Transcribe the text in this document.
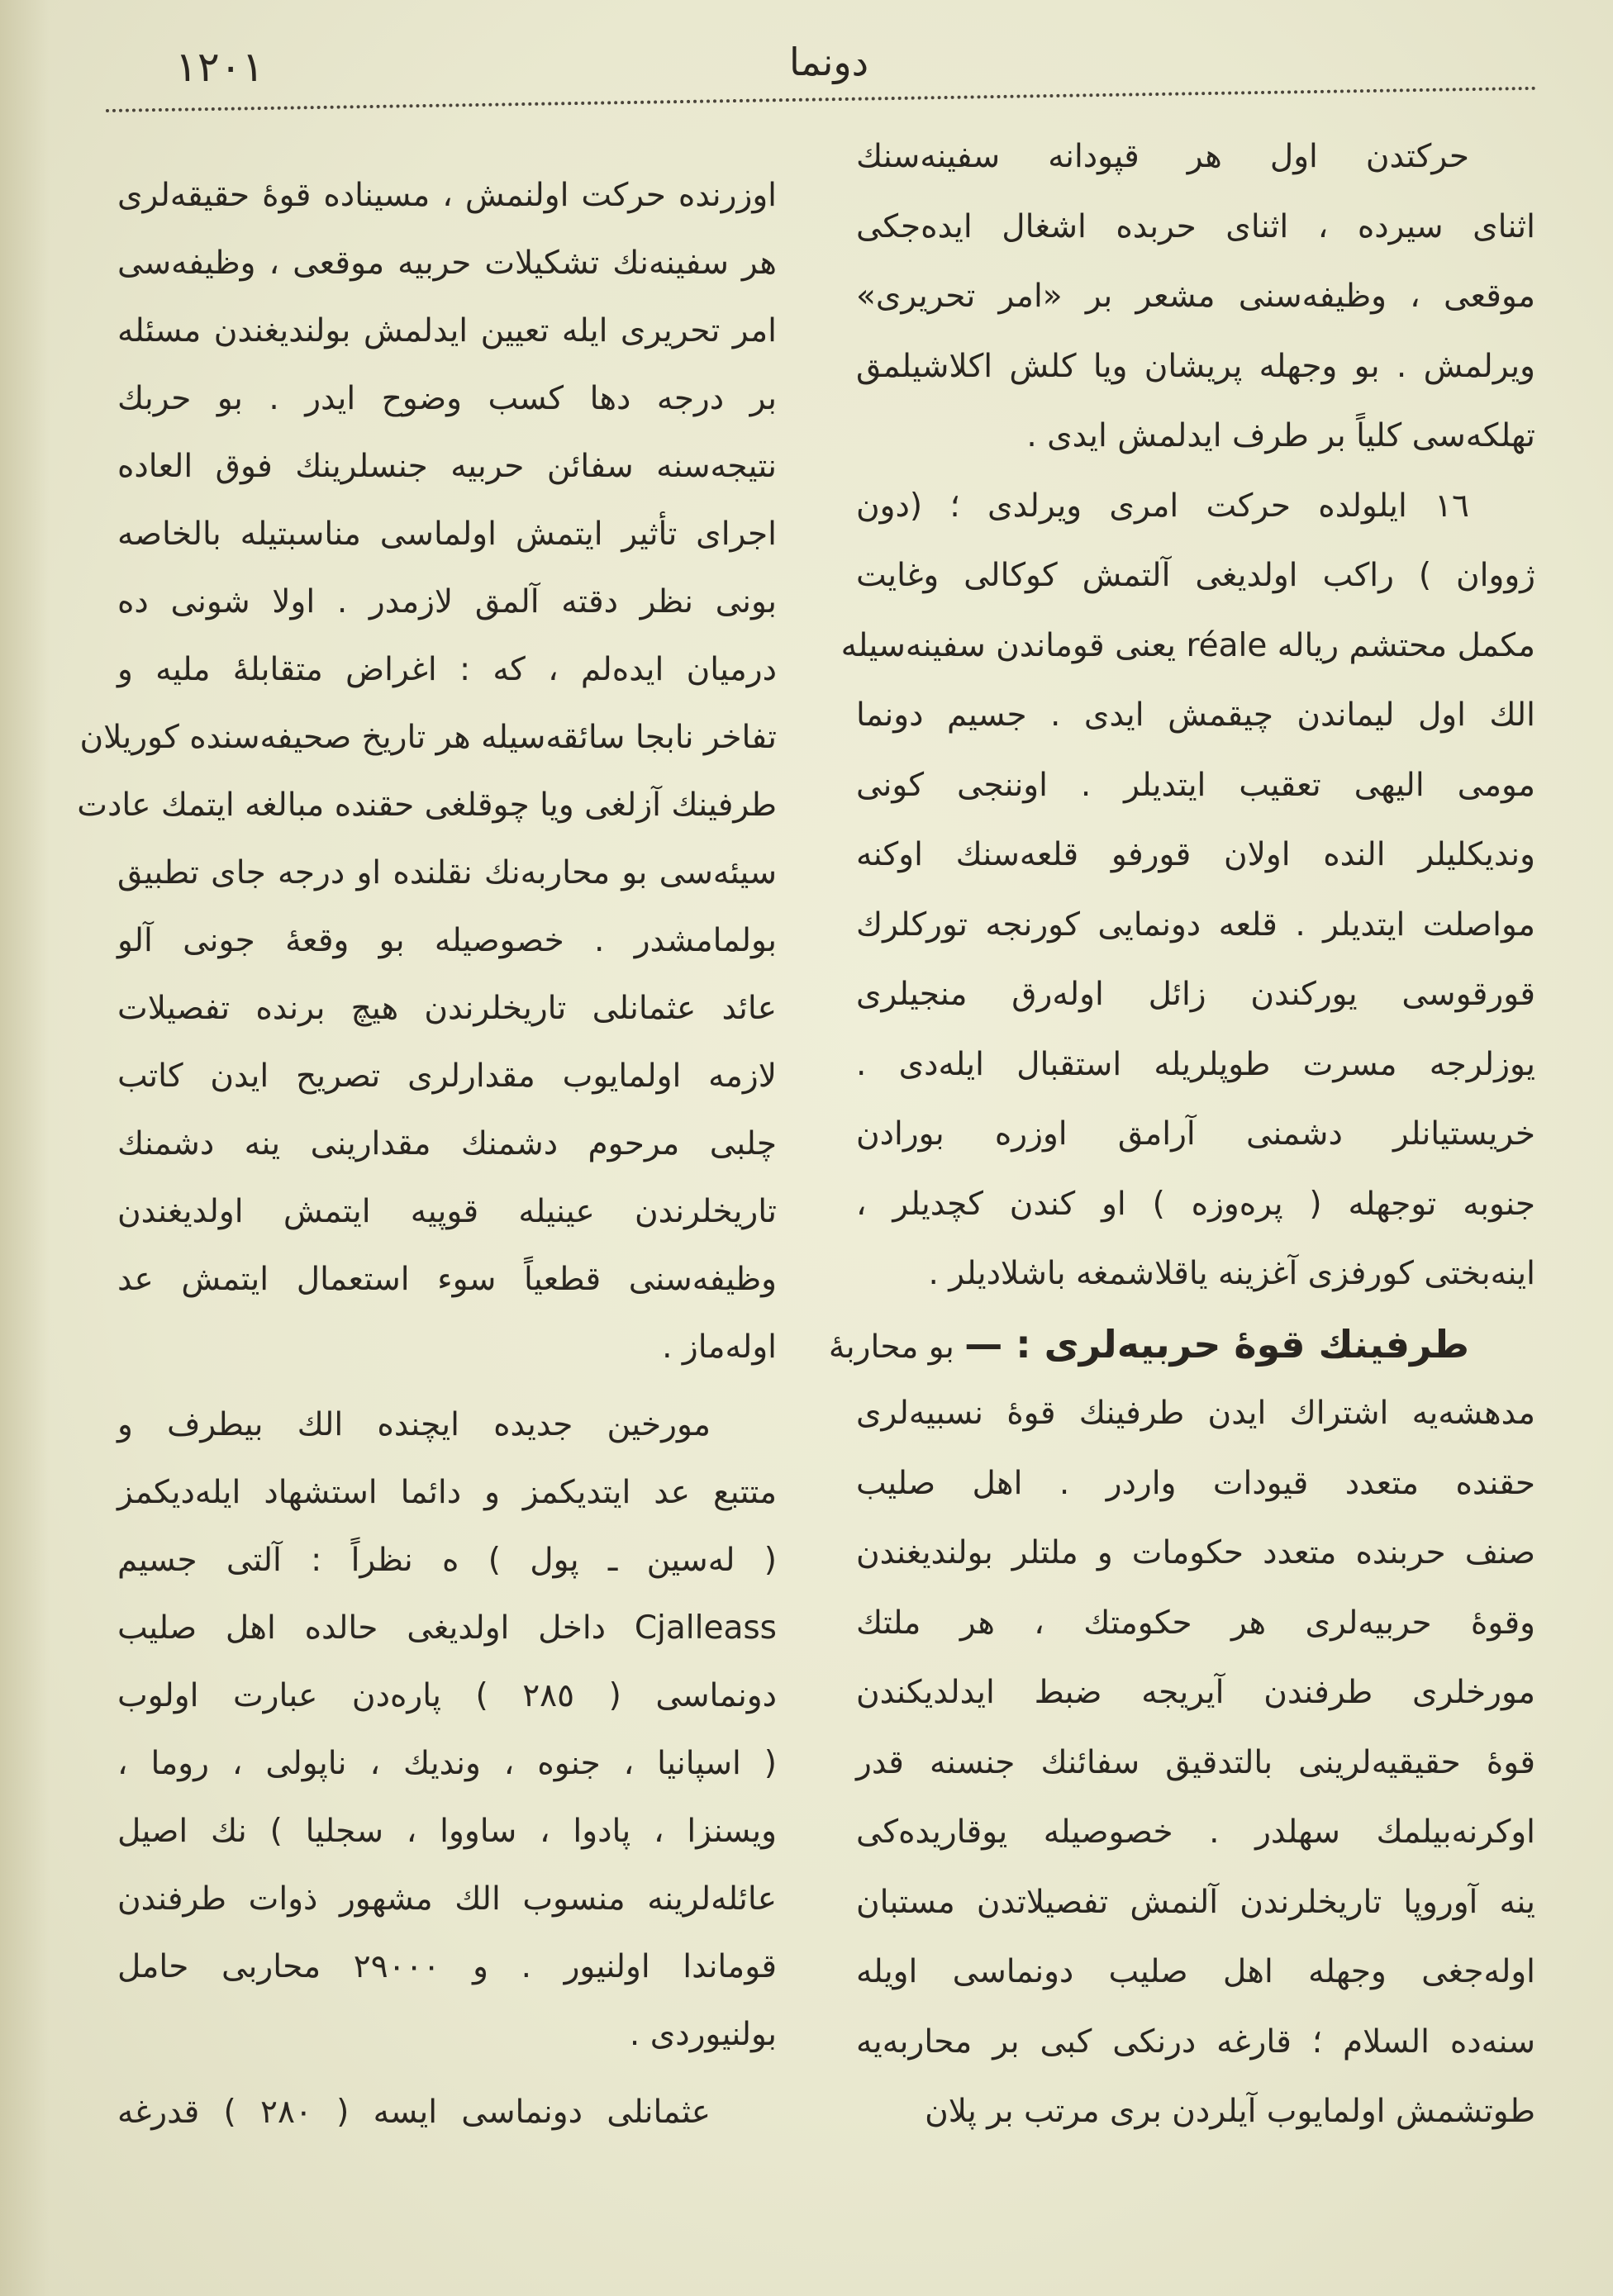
١٢٠١	دونما
حركتدن اول هر قپودانه سفینه‌سنك
اثنای سیرده ، اثنای حربده اشغال ایده‌جكی
موقعی ، وظیفه‌سنی مشعر بر «امر تحریری»
ویرلمش . بو وجهله پریشان ویا كلش اكلاشیلمق
تهلكه‌سی كلیاً بر طرف ایدلمش ایدی .
١٦ ایلولده حركت امری ویرلدی ؛ (دون
ژووان ) راكب اولدیغی آلتمش كوكالی وغایت
مكمل محتشم ریاله réale یعنی قوماندن سفینه‌سیله
الك اول لیماندن چیقمش ایدی . جسیم دونما
مومی الیهی تعقیب ایتدیلر . اوننجی كونی
وندیكلیلر النده اولان قورفو قلعه‌سنك اوكنه
مواصلت ایتدیلر . قلعه دونمایی كورنجه توركلرك
قورقوسی یوركندن زائل اوله‌رق منجیلری
یوزلرجه مسرت طوپلریله استقبال ایله‌دی .
خریستیانلر دشمنی آرامق اوزره بورادن
جنوبه توجهله ( پره‌وزه ) او كندن كچدیلر ،
اینه‌بختی كورفزی آغزینه یاقلاشمغه باشلادیلر .
طرفینك قوهٔ حربیه‌لری : — بو محاربهٔ
مدهشه‌یه اشتراك ایدن طرفینك قوهٔ نسبیه‌لری
حقنده متعدد قیودات واردر . اهل صلیب
صنف حربنده متعدد حكومات و ملتلر بولندیغندن
وقوهٔ حربیه‌لری هر حكومتك ، هر ملتك
مورخلری طرفندن آیریجه ضبط ایدلدیكندن
قوهٔ حقیقیه‌لرینی بالتدقیق سفائنك جنسنه قدر
اوكرنه‌بیلمك سهلدر . خصوصیله یوقاریده‌كی
ینه آوروپا تاریخلرندن آلنمش تفصیلاتدن مستبان
اوله‌جغی وجهله اهل صلیب دونماسی اویله
سنه‌ده السلام ؛ قارغه درنكی كبی بر محاربه‌یه
طوتشمش اولمایوب آیلردن بری مرتب بر پلان
اوزرنده حركت اولنمش ، مسیناده قوهٔ حقیقه‌لری
هر سفینه‌نك تشكیلات حربیه موقعی ، وظیفه‌سی
امر تحریری ایله تعیین ایدلمش بولندیغندن مسئله
بر درجه دها كسب وضوح ایدر . بو حربك
نتیجه‌سنه سفائن حربیه جنسلرینك فوق العاده
اجرای تأثیر ایتمش اولماسی مناسبتیله بالخاصه
بونی نظر دقته آلمق لازمدر . اولا شونی ده
درمیان ایده‌لم ، كه : اغراض متقابلهٔ ملیه و
تفاخر نابجا سائقه‌سیله هر تاریخ صحیفه‌سنده كوریلان
طرفینك آزلغی ویا چوقلغی حقنده مبالغه ایتمك عادت
سیئه‌سی بو محاربه‌نك نقلنده او درجه جای تطبیق
بولمامشدر . خصوصیله بو وقعهٔ جونی آلو
عائد عثمانلی تاریخلرندن هیچ برنده تفصیلات
لازمه اولمایوب مقدارلری تصریح ایدن كاتب
چلبی مرحوم دشمنك مقدارینی ینه دشمنك
تاریخلرندن عینیله قوپیه ایتمش اولدیغندن
وظیفه‌سنی قطعیاً سوء استعمال ایتمش عد
اوله‌ماز .
مورخین جدیده ایچنده الك بیطرف و
متتبع عد ایتدیكمز و دائما استشهاد ایله‌دیكمز
( له‌سین ـ پول ) ه نظراً : آلتی جسیم
Cjalleass داخل اولدیغی حالده اهل صلیب
دونماسی ( ٢٨٥ ) پاره‌دن عبارت اولوب
( اسپانیا ، جنوه ، وندیك ، ناپولی ، روما ،
ویسنزا ، پادوا ، ساووا ، سجلیا ) نك اصیل
عائله‌لرینه منسوب الك مشهور ذوات طرفندن
قوماندا اولنیور . و ٢٩٠٠٠ محاربی حامل
بولنیوردی .
عثمانلی دونماسی ایسه ( ٢٨٠ ) قدرغه
